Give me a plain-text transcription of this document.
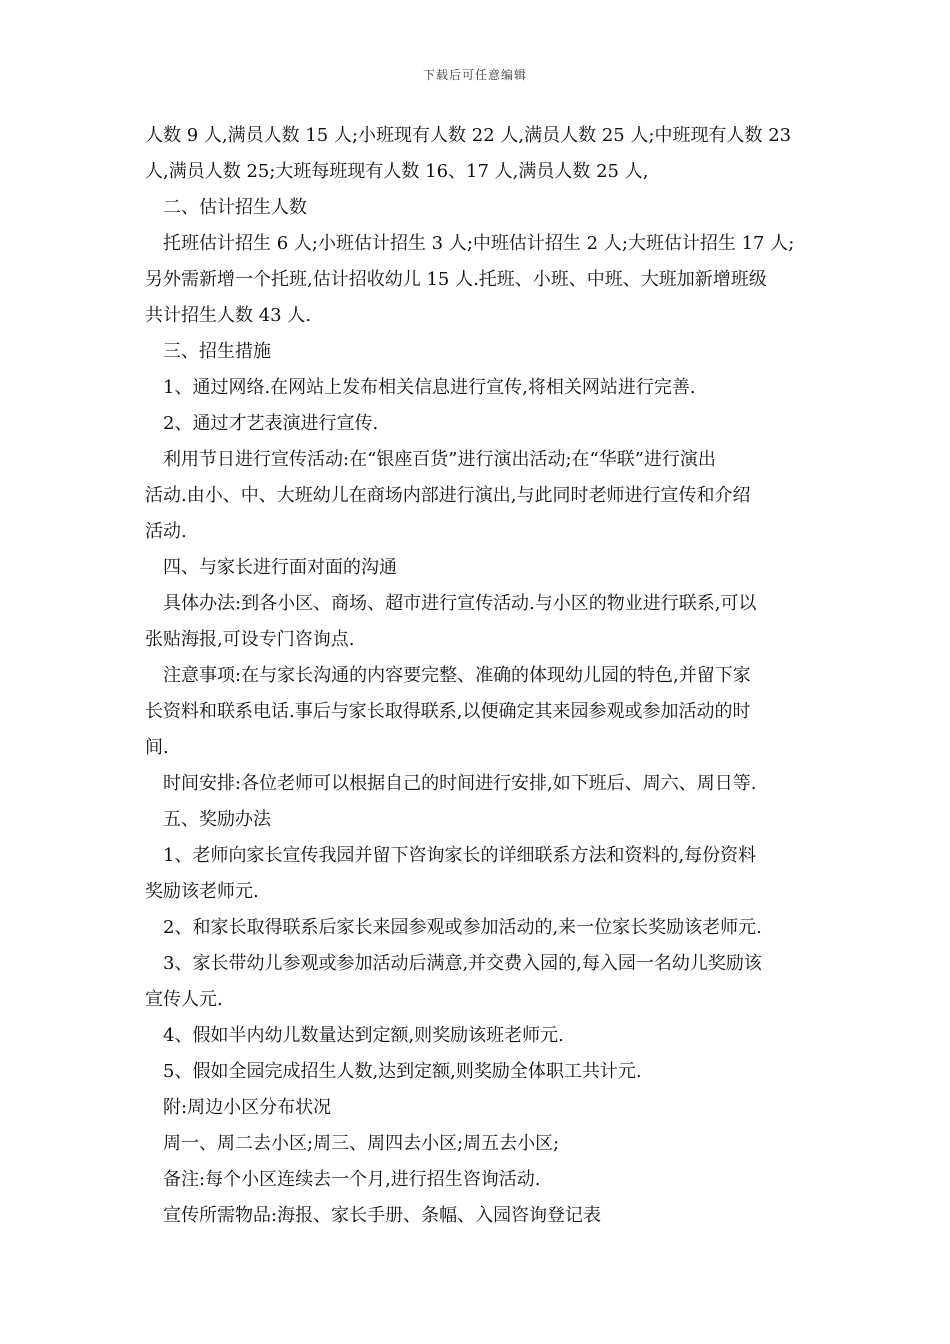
下载后可任意编辑
人数 9 人,满员人数 15 人;小班现有人数 22 人,满员人数 25 人;中班现有人数 23
人,满员人数 25;大班每班现有人数 16、17 人,满员人数 25 人,
二、估计招生人数
托班估计招生 6 人;小班估计招生 3 人;中班估计招生 2 人;大班估计招生 17 人;
另外需新增一个托班,估计招收幼儿 15 人.托班、小班、中班、大班加新增班级
共计招生人数 43 人.
三、招生措施
1、通过网络.在网站上发布相关信息进行宣传,将相关网站进行完善.
2、通过才艺表演进行宣传.
利用节日进行宣传活动:在“银座百货”进行演出活动;在“华联”进行演出
活动.由小、中、大班幼儿在商场内部进行演出,与此同时老师进行宣传和介绍
活动.
四、与家长进行面对面的沟通
具体办法:到各小区、商场、超市进行宣传活动.与小区的物业进行联系,可以
张贴海报,可设专门咨询点.
注意事项:在与家长沟通的内容要完整、准确的体现幼儿园的特色,并留下家
长资料和联系电话.事后与家长取得联系,以便确定其来园参观或参加活动的时
间.
时间安排:各位老师可以根据自己的时间进行安排,如下班后、周六、周日等.
五、奖励办法
1、老师向家长宣传我园并留下咨询家长的详细联系方法和资料的,每份资料
奖励该老师元.
2、和家长取得联系后家长来园参观或参加活动的,来一位家长奖励该老师元.
3、家长带幼儿参观或参加活动后满意,并交费入园的,每入园一名幼儿奖励该
宣传人元.
4、假如半内幼儿数量达到定额,则奖励该班老师元.
5、假如全园完成招生人数,达到定额,则奖励全体职工共计元.
附:周边小区分布状况
周一、周二去小区;周三、周四去小区;周五去小区;
备注:每个小区连续去一个月,进行招生咨询活动.
宣传所需物品:海报、家长手册、条幅、入园咨询登记表
